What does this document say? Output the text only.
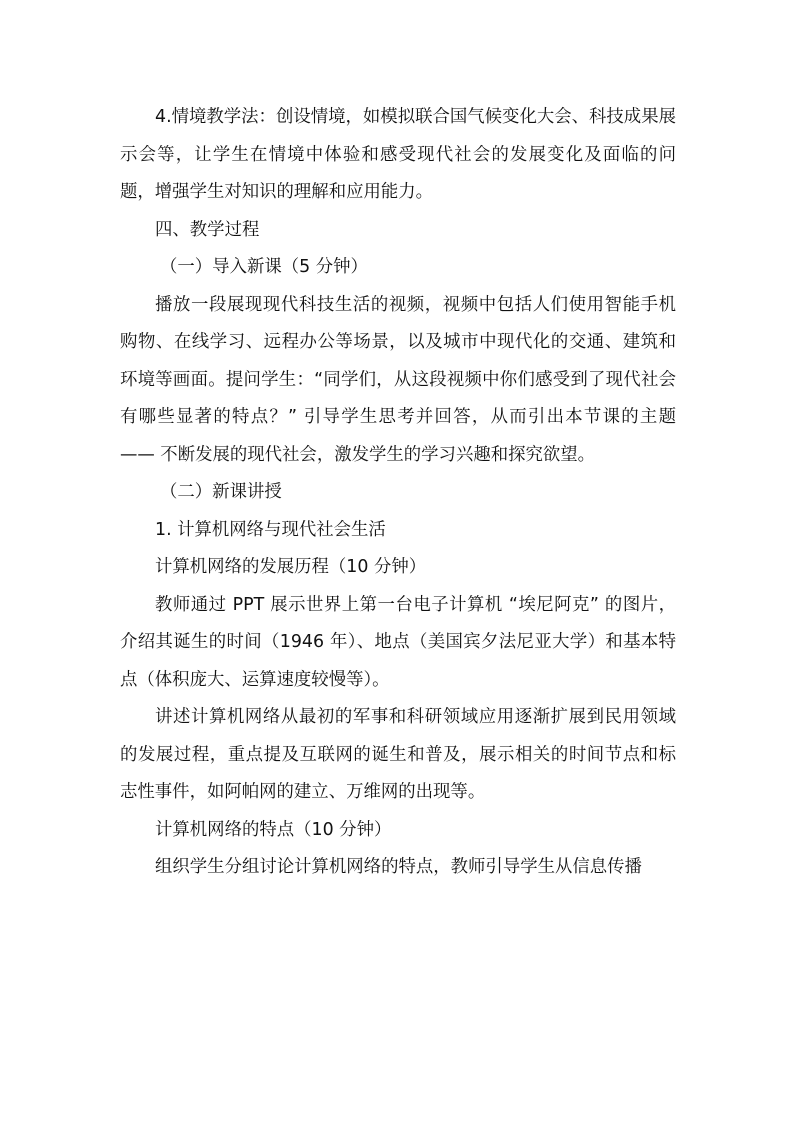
4.情境教学法：创设情境，如模拟联合国气候变化大会、科技成果展示会等，让学生在情境中体验和感受现代社会的发展变化及面临的问题，增强学生对知识的理解和应用能力。

四、教学过程

（一）导入新课（5 分钟）

播放一段展现现代科技生活的视频，视频中包括人们使用智能手机购物、在线学习、远程办公等场景，以及城市中现代化的交通、建筑和环境等画面。提问学生：“同学们，从这段视频中你们感受到了现代社会有哪些显著的特点？” 引导学生思考并回答，从而引出本节课的主题 —— 不断发展的现代社会，激发学生的学习兴趣和探究欲望。

（二）新课讲授

1. 计算机网络与现代社会生活

计算机网络的发展历程（10 分钟）

教师通过 PPT 展示世界上第一台电子计算机 “埃尼阿克” 的图片，介绍其诞生的时间（1946 年）、地点（美国宾夕法尼亚大学）和基本特点（体积庞大、运算速度较慢等）。

讲述计算机网络从最初的军事和科研领域应用逐渐扩展到民用领域的发展过程，重点提及互联网的诞生和普及，展示相关的时间节点和标志性事件，如阿帕网的建立、万维网的出现等。

计算机网络的特点（10 分钟）

组织学生分组讨论计算机网络的特点，教师引导学生从信息传播
